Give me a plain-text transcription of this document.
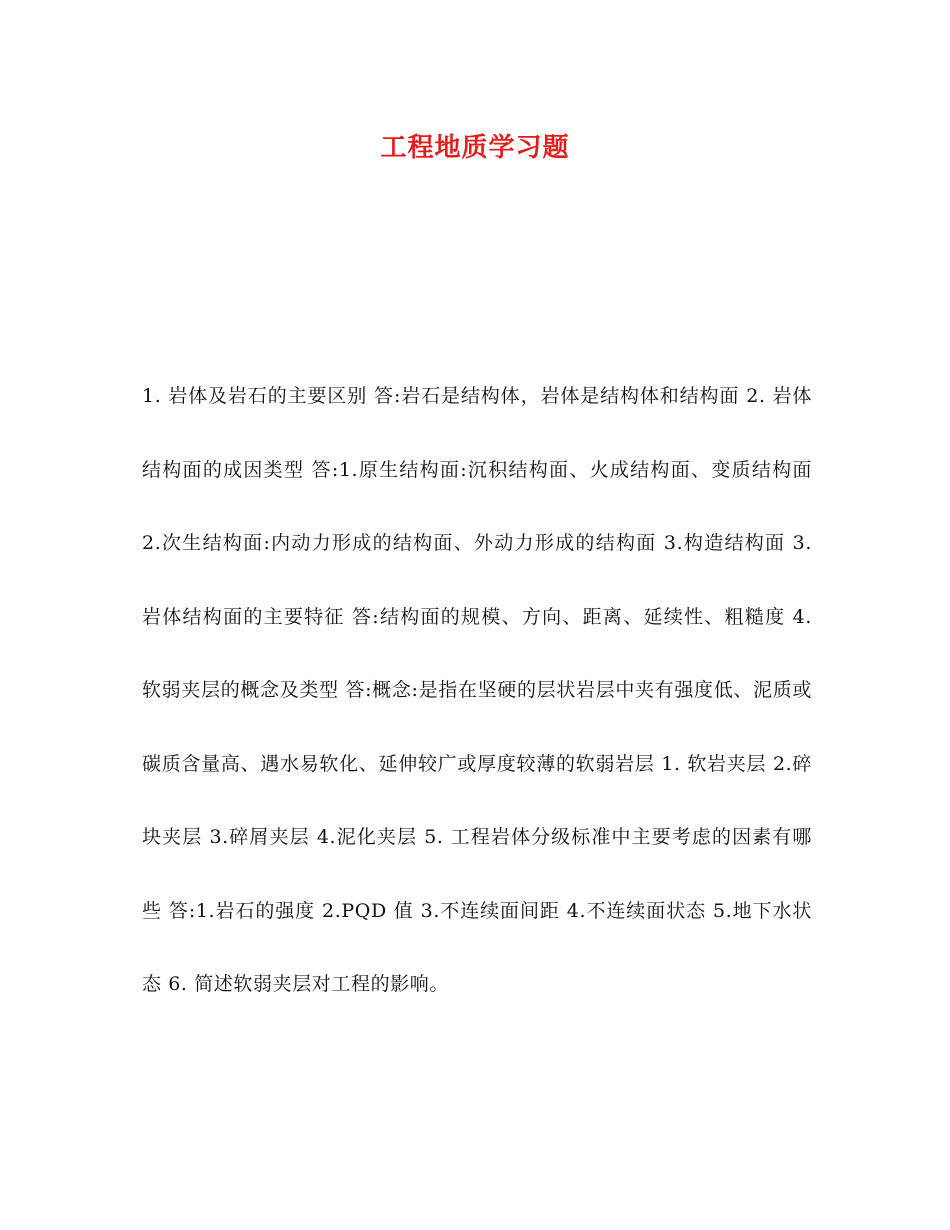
工程地质学习题

1. 岩体及岩石的主要区别 答:岩石是结构体，岩体是结构体和结构面 2. 岩体结构面的成因类型 答:1.原生结构面:沉积结构面、火成结构面、变质结构面 2.次生结构面:内动力形成的结构面、外动力形成的结构面 3.构造结构面 3. 岩体结构面的主要特征 答:结构面的规模、方向、距离、延续性、粗糙度 4. 软弱夹层的概念及类型 答:概念:是指在坚硬的层状岩层中夹有强度低、泥质或碳质含量高、遇水易软化、延伸较广或厚度较薄的软弱岩层 1. 软岩夹层 2.碎块夹层 3.碎屑夹层 4.泥化夹层 5. 工程岩体分级标准中主要考虑的因素有哪些 答:1.岩石的强度 2.PQD 值 3.不连续面间距 4.不连续面状态 5.地下水状态 6. 简述软弱夹层对工程的影响。
